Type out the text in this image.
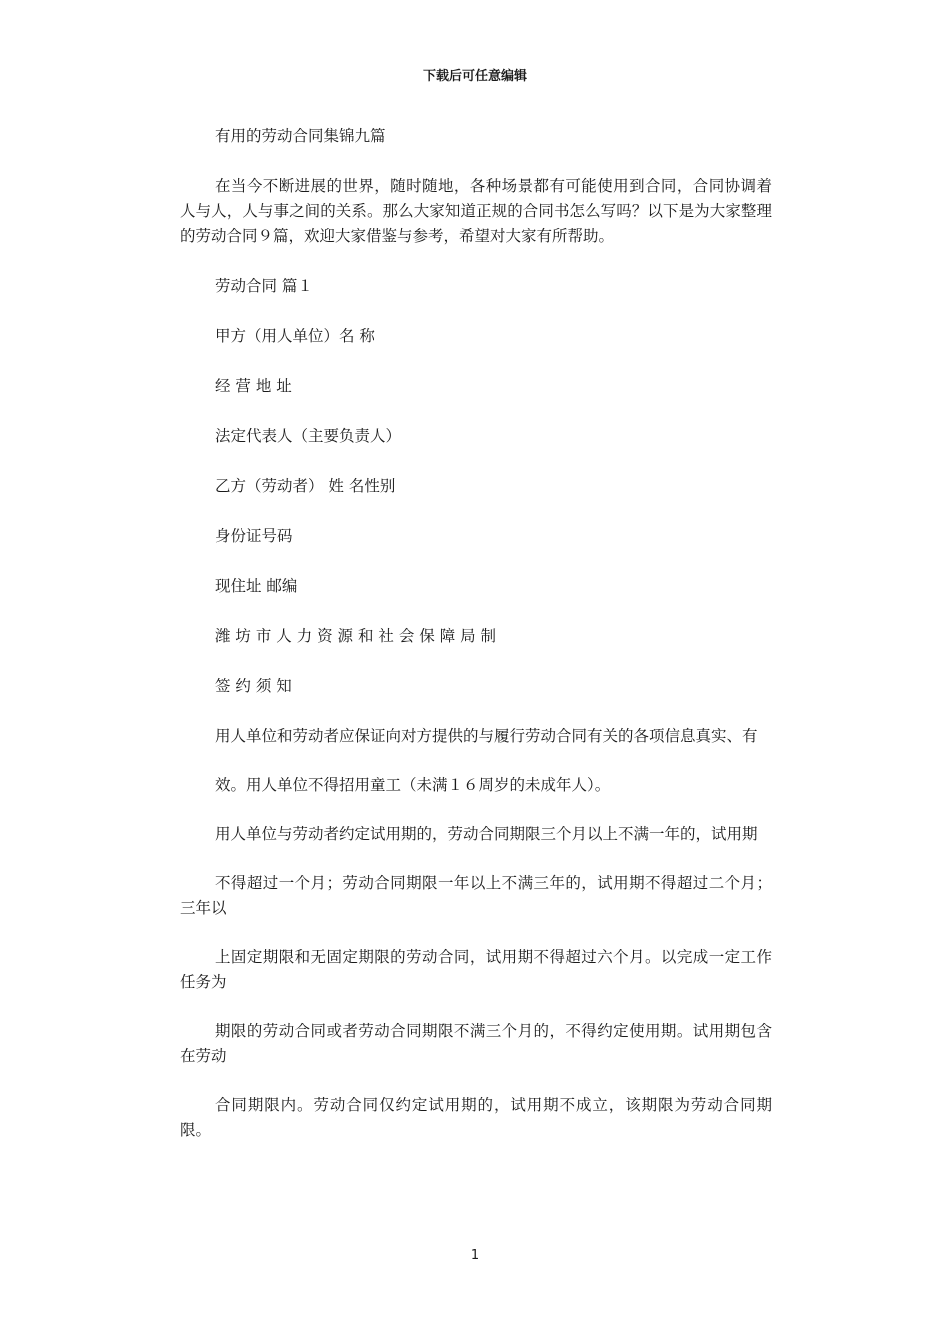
下载后可任意编辑

有用的劳动合同集锦九篇

在当今不断进展的世界，随时随地，各种场景都有可能使用到合同，合同协调着人与人，人与事之间的关系。那么大家知道正规的合同书怎么写吗？以下是为大家整理的劳动合同９篇，欢迎大家借鉴与参考，希望对大家有所帮助。

劳动合同 篇１

甲方（用人单位）名 称

经 营 地 址

法定代表人（主要负责人）

乙方（劳动者） 姓 名性别

身份证号码

现住址 邮编

潍 坊 市 人 力 资 源 和 社 会 保 障 局 制

签 约 须 知

用人单位和劳动者应保证向对方提供的与履行劳动合同有关的各项信息真实、有

效。用人单位不得招用童工（未满１６周岁的未成年人）。

用人单位与劳动者约定试用期的，劳动合同期限三个月以上不满一年的，试用期

不得超过一个月；劳动合同期限一年以上不满三年的，试用期不得超过二个月；三年以

上固定期限和无固定期限的劳动合同，试用期不得超过六个月。以完成一定工作任务为

期限的劳动合同或者劳动合同期限不满三个月的，不得约定使用期。试用期包含在劳动

合同期限内。劳动合同仅约定试用期的，试用期不成立，该期限为劳动合同期限。

1
